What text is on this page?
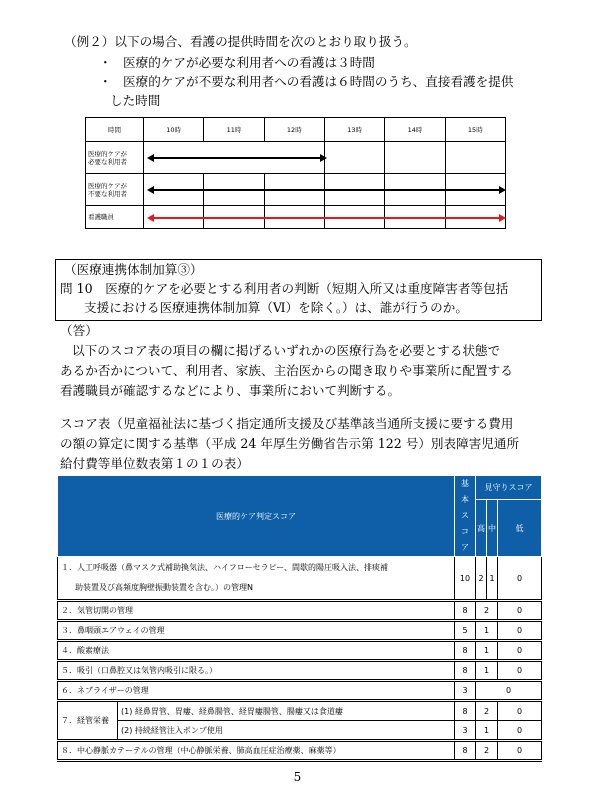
（例２）以下の場合、看護の提供時間を次のとおり取り扱う。
・ 医療的ケアが必要な利用者への看護は３時間
・ 医療的ケアが不要な利用者への看護は６時間のうち、直接看護を提供
した時間
時間	10時	11時	12時	13時	14時	15時
医療的ケアが
必要な利用者						
医療的ケアが
不要な利用者						
看護職員						
（医療連携体制加算③）
問 10　医療的ケアを必要とする利用者の判断（短期入所又は重度障害者等包括
支援における医療連携体制加算（Ⅵ）を除く。）は、誰が行うのか。
（答）
以下のスコア表の項目の欄に掲げるいずれかの医療行為を必要とする状態で
あるか否かについて、利用者、家族、主治医からの聞き取りや事業所に配置する
看護職員が確認するなどにより、事業所において判断する。
スコア表（児童福祉法に基づく指定通所支援及び基準該当通所支援に要する費用
の額の算定に関する基準（平成 24 年厚生労働省告示第 122 号）別表障害児通所
給付費等単位数表第１の１の表）
医療的ケア判定スコア		基本
スコ
ア	見守りスコア		
			高	中	低
１．人工呼吸器（鼻マスク式補助換気法、ハイフローセラピー、間歇的陽圧吸入法、排痰補
助装置及び高頻度胸壁振動装置を含む。）の管理N		10	2	1	0
２．気管切開の管理		8	2		0
３．鼻咽頭エアウェイの管理		5	1		0
４．酸素療法		8	1		0
５．吸引（口鼻腔又は気管内吸引に限る。）		8	1		0
６．ネブライザーの管理		3	0		
７．経管栄養	(1) 経鼻胃管、胃瘻、経鼻腸管、経胃瘻腸管、腸瘻又は食道瘻	8	2		0
	(2) 持続経管注入ポンプ使用	3	1		0
８．中心静脈カテーテルの管理（中心静脈栄養、肺高血圧症治療薬、麻薬等）		8	2		0
5
